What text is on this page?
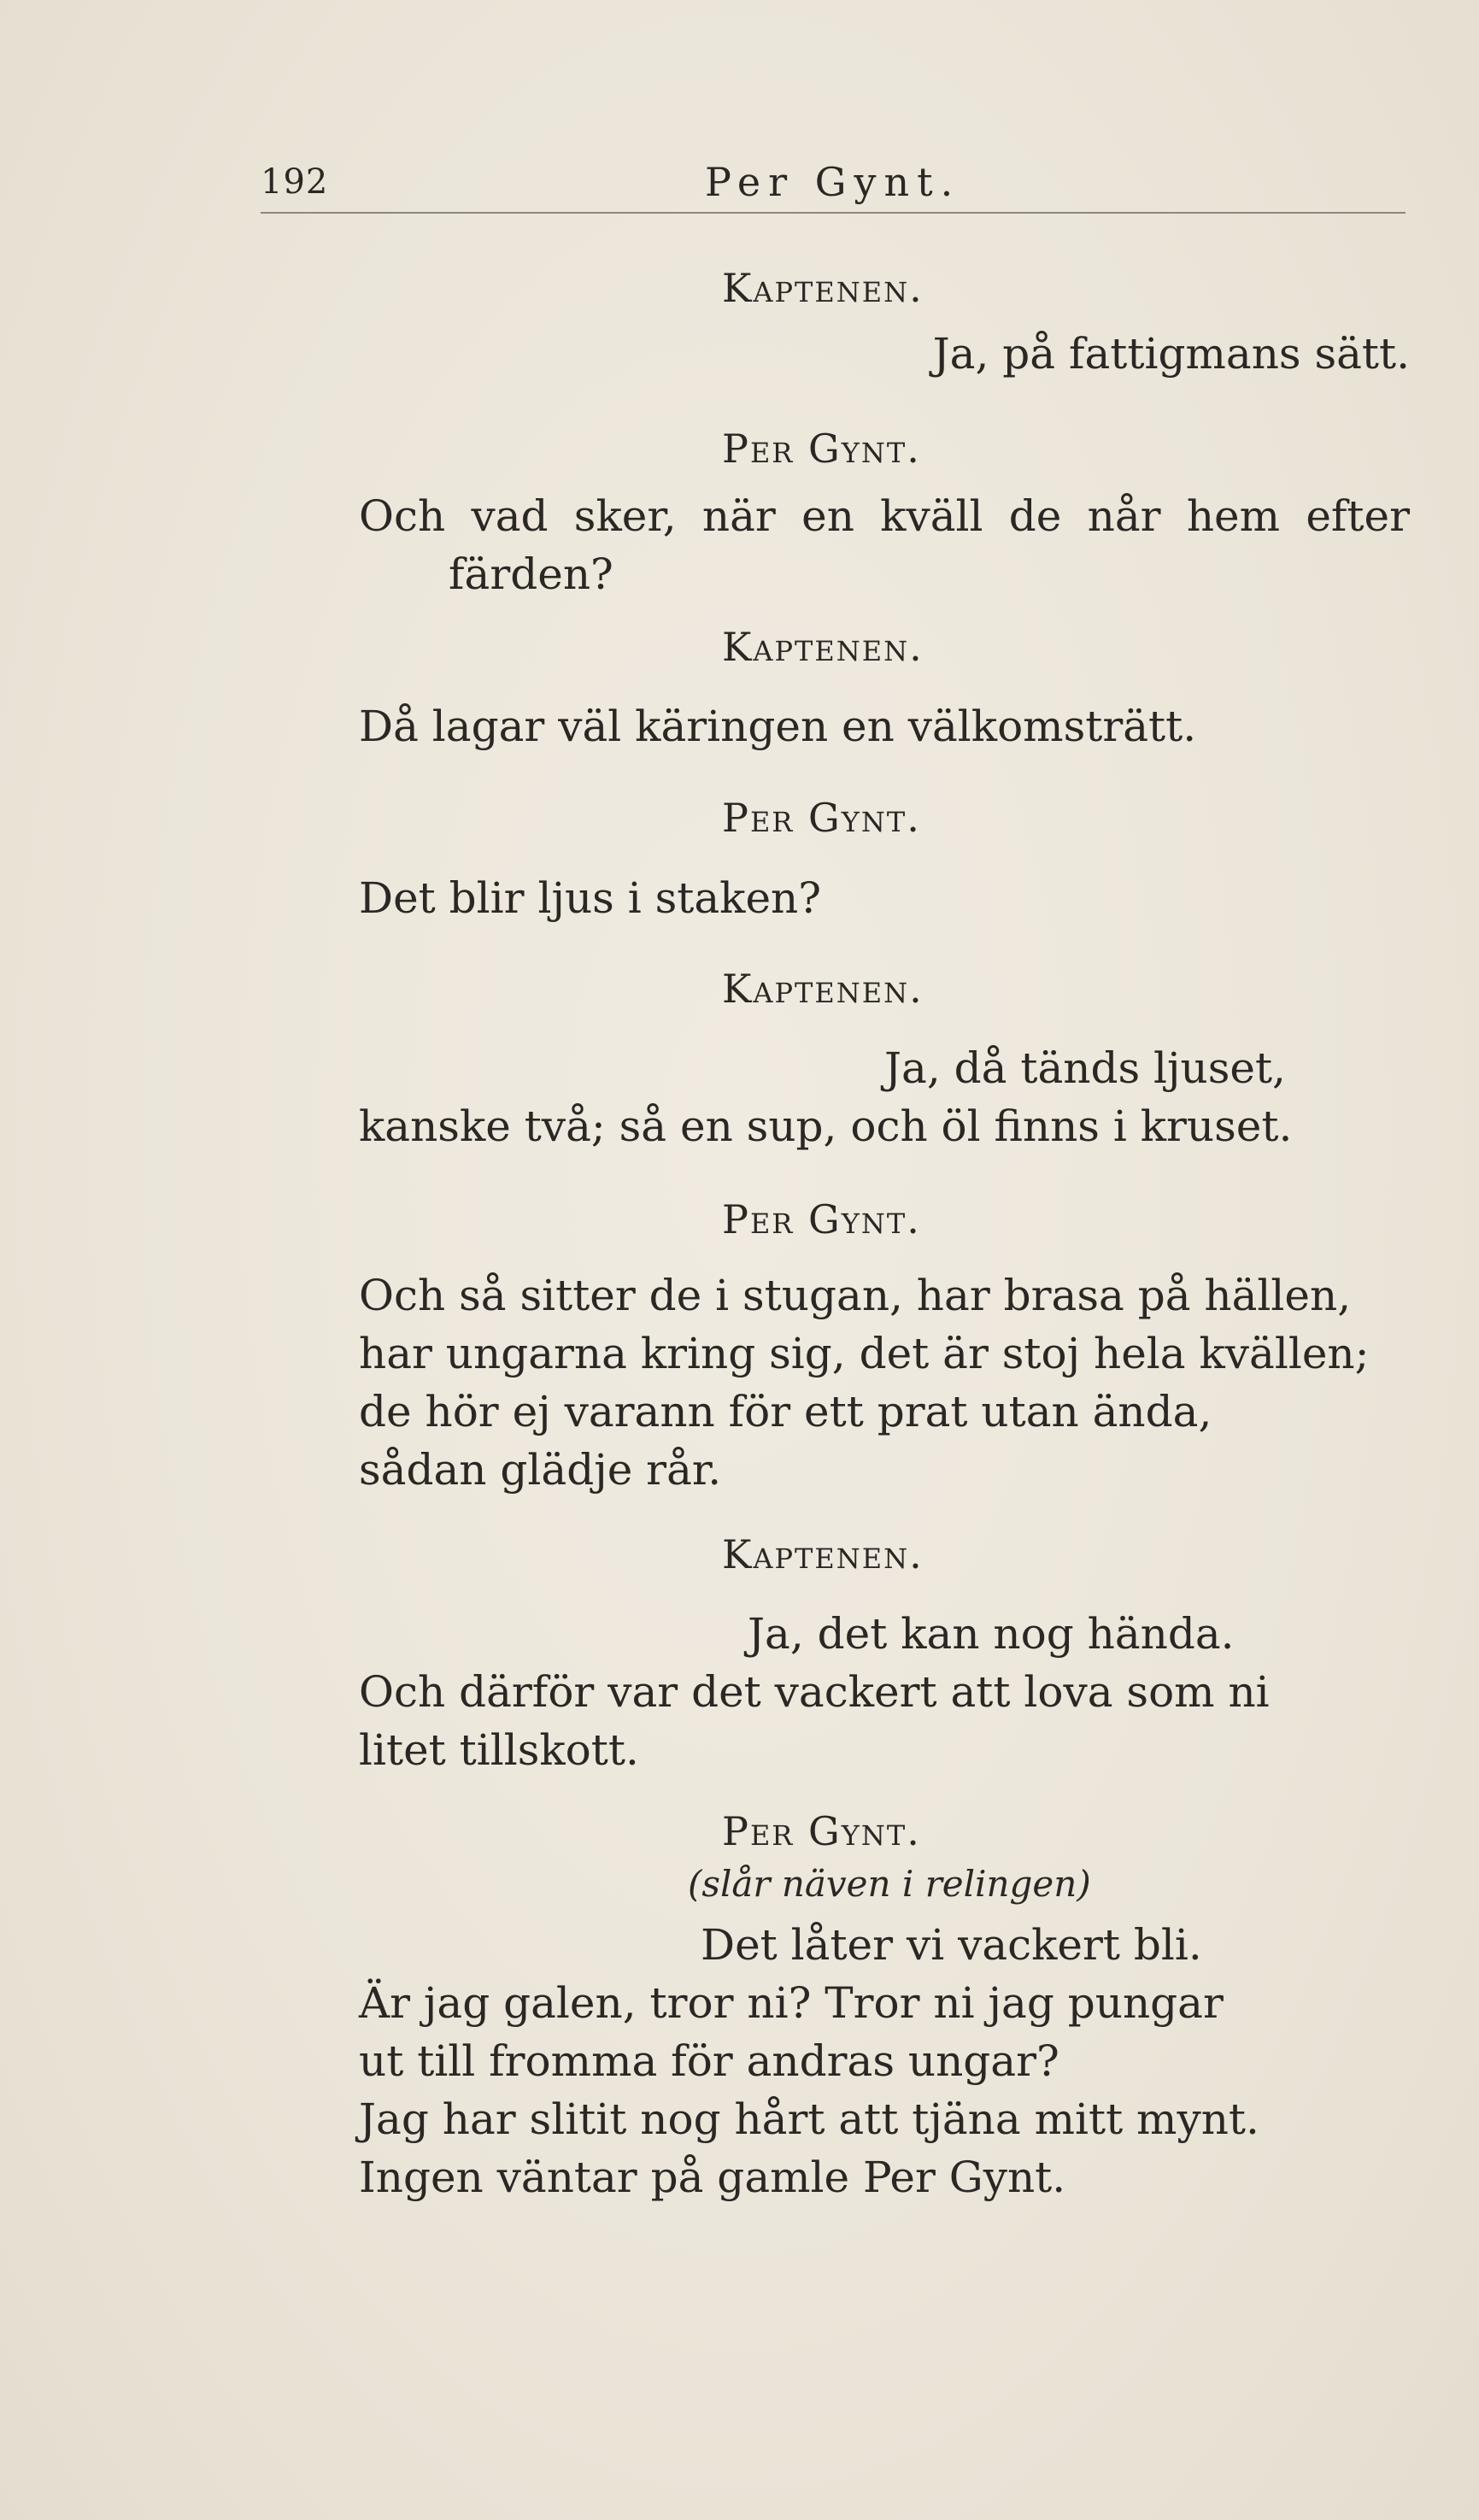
192	Per Gynt.
Kaptenen.
Ja, på fattigmans sätt.
Per Gynt.
Och vad sker, när en kväll de når hem efter
färden?
Kaptenen.
Då lagar väl käringen en välkomsträtt.
Per Gynt.
Det blir ljus i staken?
Kaptenen.
Ja, då tänds ljuset,
kanske två; så en sup, och öl finns i kruset.
Per Gynt.
Och så sitter de i stugan, har brasa på hällen,
har ungarna kring sig, det är stoj hela kvällen;
de hör ej varann för ett prat utan ända,
sådan glädje rår.
Kaptenen.
Ja, det kan nog hända.
Och därför var det vackert att lova som ni
litet tillskott.
Per Gynt.
(slår näven i relingen)
Det låter vi vackert bli.
Är jag galen, tror ni? Tror ni jag pungar
ut till fromma för andras ungar?
Jag har slitit nog hårt att tjäna mitt mynt.
Ingen väntar på gamle Per Gynt.
